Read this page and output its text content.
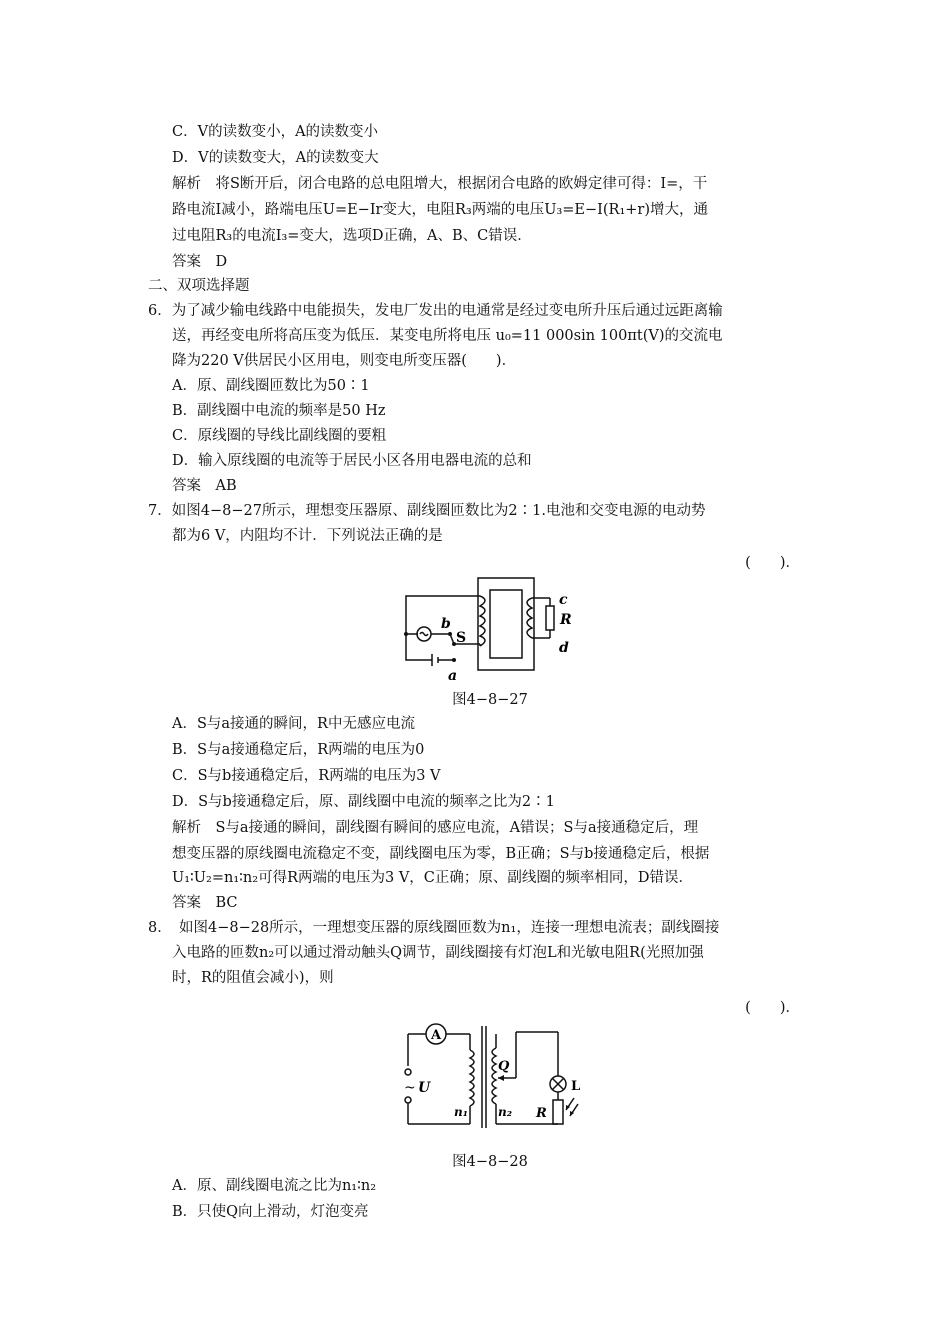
C．V的读数变小，A的读数变小
D．V的读数变大，A的读数变大
解析　将S断开后，闭合电路的总电阻增大，根据闭合电路的欧姆定律可得：I=，干
路电流I减小，路端电压U=E−Ir变大，电阻R₃两端的电压U₃=E−I(R₁+r)增大，通
过电阻R₃的电流I₃=变大，选项D正确，A、B、C错误．
答案　D
二、双项选择题
6．为了减少输电线路中电能损失，发电厂发出的电通常是经过变电所升压后通过远距离输
送，再经变电所将高压变为低压．某变电所将电压 u₀=11 000sin 100πt(V)的交流电
降为220 V供居民小区用电，则变电所变压器(　　)．
A．原、副线圈匝数比为50∶1
B．副线圈中电流的频率是50 Hz
C．原线圈的导线比副线圈的要粗
D．输入原线圈的电流等于居民小区各用电器电流的总和
答案　AB
7．如图4−8−27所示，理想变压器原、副线圈匝数比为2∶1.电池和交变电源的电动势
都为6 V，内阻均不计．下列说法正确的是
(　　)．
b
S
a
c
R
d
图4−8−27
A．S与a接通的瞬间，R中无感应电流
B．S与a接通稳定后，R两端的电压为0
C．S与b接通稳定后，R两端的电压为3 V
D．S与b接通稳定后，原、副线圈中电流的频率之比为2∶1
解析　S与a接通的瞬间，副线圈有瞬间的感应电流，A错误；S与a接通稳定后，理
想变压器的原线圈电流稳定不变，副线圈电压为零，B正确；S与b接通稳定后，根据
U₁∶U₂=n₁∶n₂可得R两端的电压为3 V，C正确；原、副线圈的频率相同，D错误．
答案　BC
8．　如图4−8−28所示，一理想变压器的原线圈匝数为n₁，连接一理想电流表；副线圈接
入电路的匝数n₂可以通过滑动触头Q调节，副线圈接有灯泡L和光敏电阻R(光照加强
时，R的阻值会减小)，则
(　　)．
A
~ U
n₁	n₂
Q
L
R
图4−8−28
A．原、副线圈电流之比为n₁∶n₂
B．只使Q向上滑动，灯泡变亮
